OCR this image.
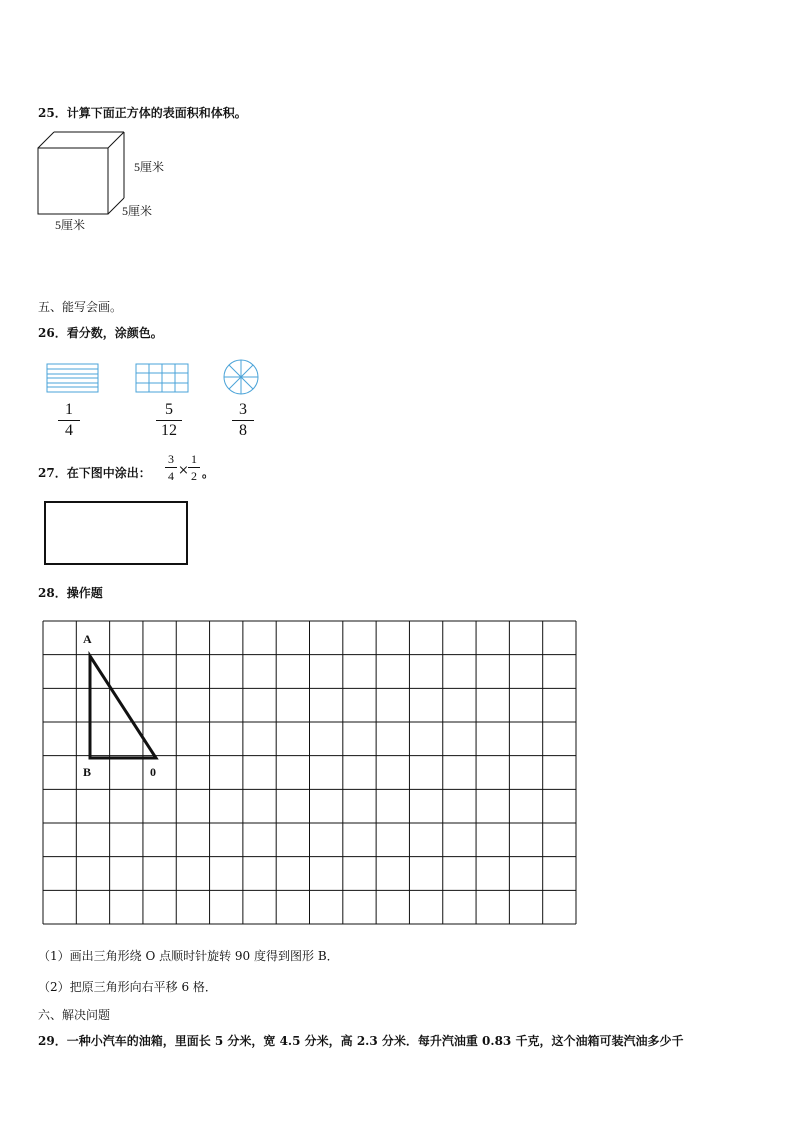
25．计算下面正方体的表面积和体积。
5厘米
5厘米
5厘米
五、能写会画。
26．看分数，涂颜色。
1
4
5
12
3
8
27．在下图中涂出：
3
4 ×
1
2 。
28．操作题
A
B	0
（1）画出三角形绕 O 点顺时针旋转 90 度得到图形 B．
（2）把原三角形向右平移 6 格．
六、解决问题
29．一种小汽车的油箱，里面长 5 分米，宽 4.5 分米，高 2.3 分米．每升汽油重 0.83 千克，这个油箱可装汽油多少千
